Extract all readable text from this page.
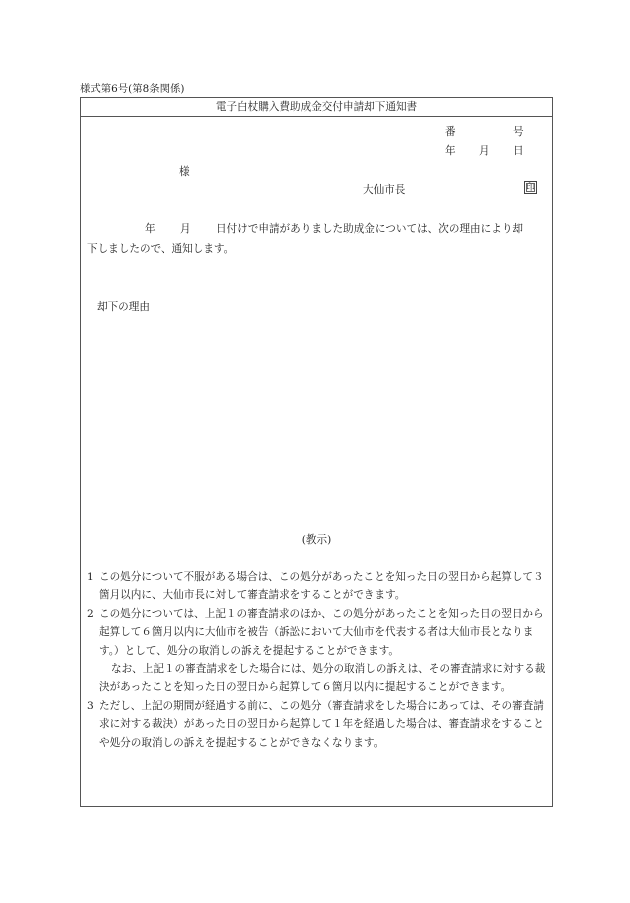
様式第6号(第8条関係)
電子白杖購入費助成金交付申請却下通知書
番	号
年 月 日
様
大仙市長	印
年 月 日付けで申請がありました助成金については、次の理由により却
下しましたので、通知します。
却下の理由
(教示)

1 この処分について不服がある場合は、この処分があったことを知った日の翌日から起算して３箇月以内に、大仙市長に対して審査請求をすることができます。

2 この処分については、上記１の審査請求のほか、この処分があったことを知った日の翌日から起算して６箇月以内に大仙市を被告（訴訟において大仙市を代表する者は大仙市長となります。）として、処分の取消しの訴えを提起することができます。

なお、上記１の審査請求をした場合には、処分の取消しの訴えは、その審査請求に対する裁決があったことを知った日の翌日から起算して６箇月以内に提起することができます。

3 ただし、上記の期間が経過する前に、この処分（審査請求をした場合にあっては、その審査請求に対する裁決）があった日の翌日から起算して１年を経過した場合は、審査請求をすることや処分の取消しの訴えを提起することができなくなります。
